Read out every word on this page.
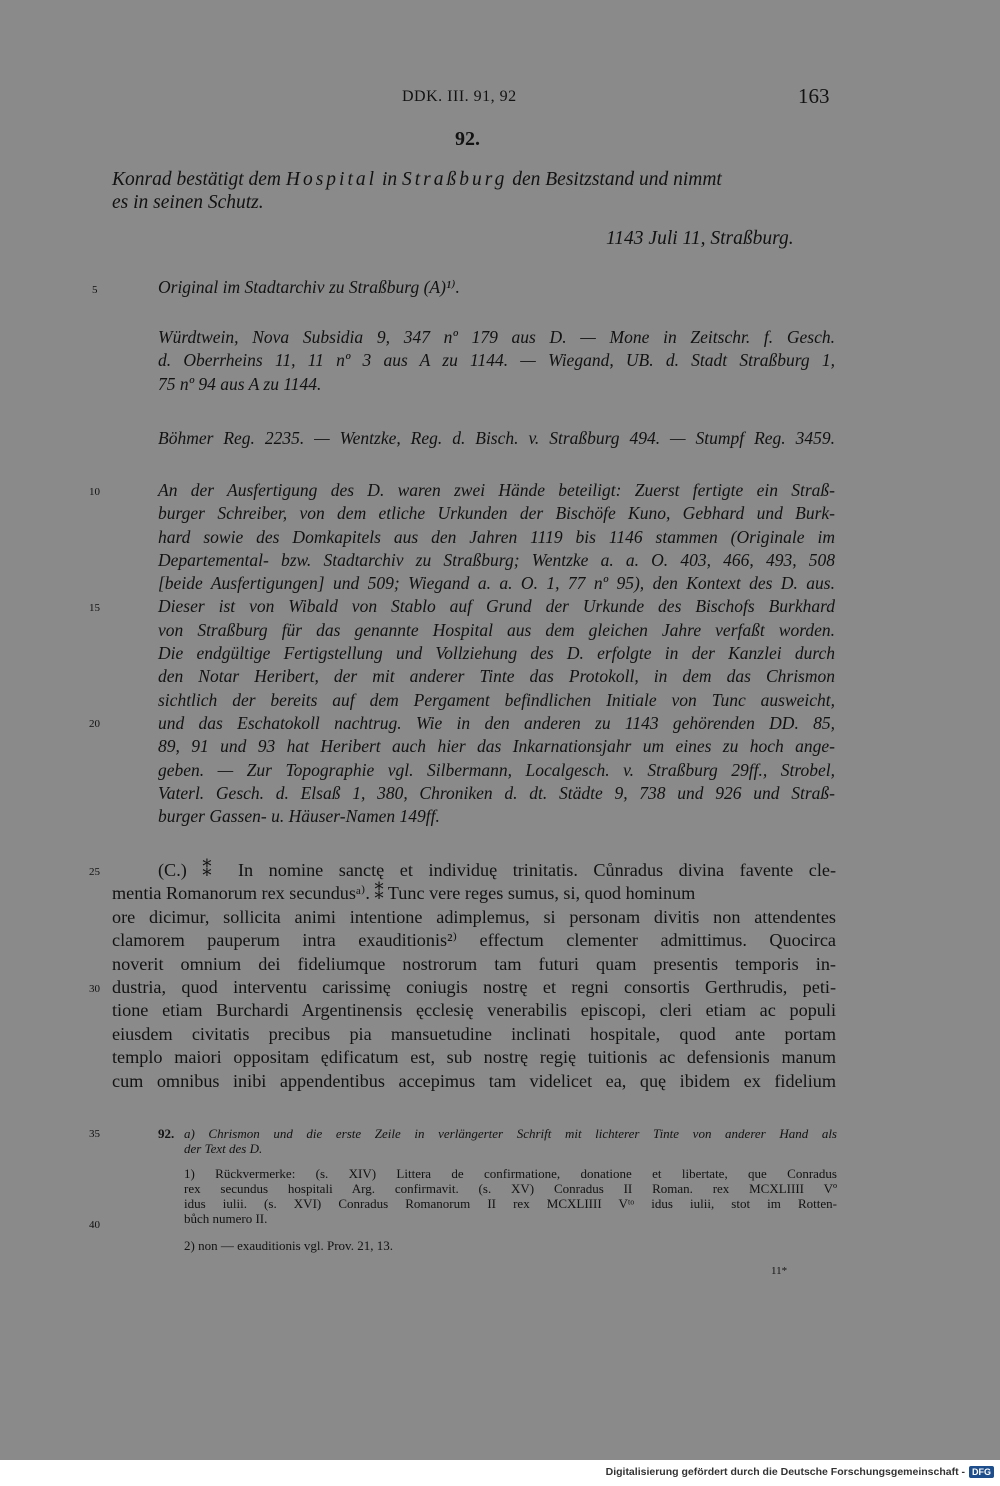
DDK. III. 91, 92	163
92.
Konrad bestätigt dem Hospital in Straßburg den Besitzstand und nimmt
es in seinen Schutz.
1143 Juli 11, Straßburg.
5
10
15
20
25
30
35
40
Original im Stadtarchiv zu Straßburg (A)¹⁾.
Würdtwein, Nova Subsidia 9, 347 nº 179 aus D. — Mone in Zeitschr. f. Gesch.
d. Oberrheins 11, 11 nº 3 aus A zu 1144. — Wiegand, UB. d. Stadt Straßburg 1,
75 nº 94 aus A zu 1144.
Böhmer Reg. 2235. — Wentzke, Reg. d. Bisch. v. Straßburg 494. — Stumpf Reg. 3459.
An der Ausfertigung des D. waren zwei Hände beteiligt: Zuerst fertigte ein Straß-
burger Schreiber, von dem etliche Urkunden der Bischöfe Kuno, Gebhard und Burk-
hard sowie des Domkapitels aus den Jahren 1119 bis 1146 stammen (Originale im
Departemental- bzw. Stadtarchiv zu Straßburg; Wentzke a. a. O. 403, 466, 493, 508
[beide Ausfertigungen] und 509; Wiegand a. a. O. 1, 77 nº 95), den Kontext des D. aus.
Dieser ist von Wibald von Stablo auf Grund der Urkunde des Bischofs Burkhard
von Straßburg für das genannte Hospital aus dem gleichen Jahre verfaßt worden.
Die endgültige Fertigstellung und Vollziehung des D. erfolgte in der Kanzlei durch
den Notar Heribert, der mit anderer Tinte das Protokoll, in dem das Chrismon
sichtlich der bereits auf dem Pergament befindlichen Initiale von Tunc ausweicht,
und das Eschatokoll nachtrug. Wie in den anderen zu 1143 gehörenden DD. 85,
89, 91 und 93 hat Heribert auch hier das Inkarnationsjahr um eines zu hoch ange-
geben. — Zur Topographie vgl. Silbermann, Localgesch. v. Straßburg 29ff., Strobel,
Vaterl. Gesch. d. Elsaß 1, 380, Chroniken d. dt. Städte 9, 738 und 926 und Straß-
burger Gassen- u. Häuser-Namen 149ff.
(C.) ⁑ In nomine sanctę et individuę trinitatis. Cůnradus divina favente cle-
mentia Romanorum rex secundusᵃ⁾. ⁑ Tunc vere reges sumus, si, quod hominum
ore dicimur, sollicita animi intentione adimplemus, si personam divitis non attendentes
clamorem pauperum intra exauditionis²⁾ effectum clementer admittimus. Quocirca
noverit omnium dei fideliumque nostrorum tam futuri quam presentis temporis in-
dustria, quod interventu carissimę coniugis nostrę et regni consortis Gerthrudis, peti-
tione etiam Burchardi Argentinensis ęcclesię venerabilis episcopi, cleri etiam ac populi
eiusdem civitatis precibus pia mansuetudine inclinati hospitale, quod ante portam
templo maiori oppositam ędificatum est, sub nostrę regię tuitionis ac defensionis manum
cum omnibus inibi appendentibus accepimus tam videlicet ea, quę ibidem ex fidelium
92. a) Chrismon und die erste Zeile in verlängerter Schrift mit lichterer Tinte von anderer Hand als
der Text des D.
1) Rückvermerke: (s. XIV) Littera de confirmatione, donatione et libertate, que Conradus
rex secundus hospitali Arg. confirmavit. (s. XV) Conradus II Roman. rex MCXLIIII Vº
idus iulii. (s. XVI) Conradus Romanorum II rex MCXLIIII Vᵗᵒ idus iulii, stot im Rotten-
bůch numero II.
2) non — exauditionis vgl. Prov. 21, 13.
11*
Digitalisierung gefördert durch die Deutsche Forschungsgemeinschaft - DFG
